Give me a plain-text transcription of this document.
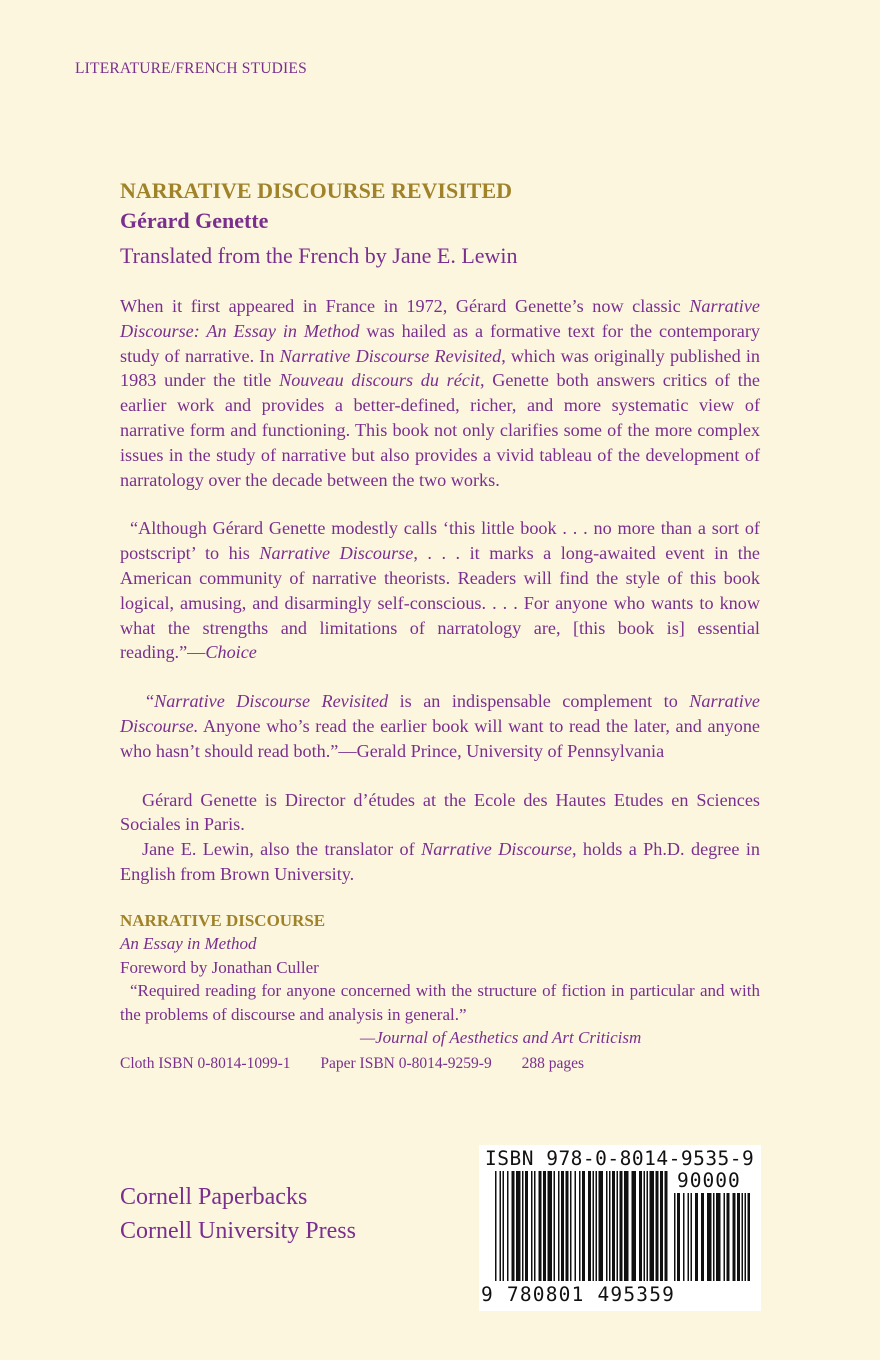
LITERATURE/FRENCH STUDIES

NARRATIVE DISCOURSE REVISITED

Gérard Genette

Translated from the French by Jane E. Lewin

When it first appeared in France in 1972, Gérard Genette’s now classic Narrative Discourse: An Essay in Method was hailed as a formative text for the contemporary study of narrative. In Narrative Discourse Revisited, which was originally published in 1983 under the title Nouveau discours du récit, Genette both answers critics of the earlier work and provides a better-defined, richer, and more systematic view of narrative form and functioning. This book not only clarifies some of the more complex issues in the study of narrative but also provides a vivid tableau of the development of narratology over the decade between the two works.

“Although Gérard Genette modestly calls ‘this little book . . . no more than a sort of postscript’ to his Narrative Discourse, . . . it marks a long-awaited event in the American community of narrative theorists. Readers will find the style of this book logical, amusing, and disarmingly self-conscious. . . . For anyone who wants to know what the strengths and limitations of narratology are, [this book is] essential reading.”—Choice

“Narrative Discourse Revisited is an indispensable complement to Narrative Discourse. Anyone who’s read the earlier book will want to read the later, and anyone who hasn’t should read both.”—Gerald Prince, University of Pennsylvania

Gérard Genette is Director d’études at the Ecole des Hautes Etudes en Sciences Sociales in Paris.

Jane E. Lewin, also the translator of Narrative Discourse, holds a Ph.D. degree in English from Brown University.

NARRATIVE DISCOURSE
An Essay in Method
Foreword by Jonathan Culler
“Required reading for anyone concerned with the structure of fiction in particular and with the problems of discourse and analysis in general.”
—Journal of Aesthetics and Art Criticism
Cloth ISBN 0-8014-1099-1 Paper ISBN 0-8014-9259-9 288 pages
Cornell Paperbacks
Cornell University Press
ISBN 978-0-8014-9535-9
90000
9 780801 495359
